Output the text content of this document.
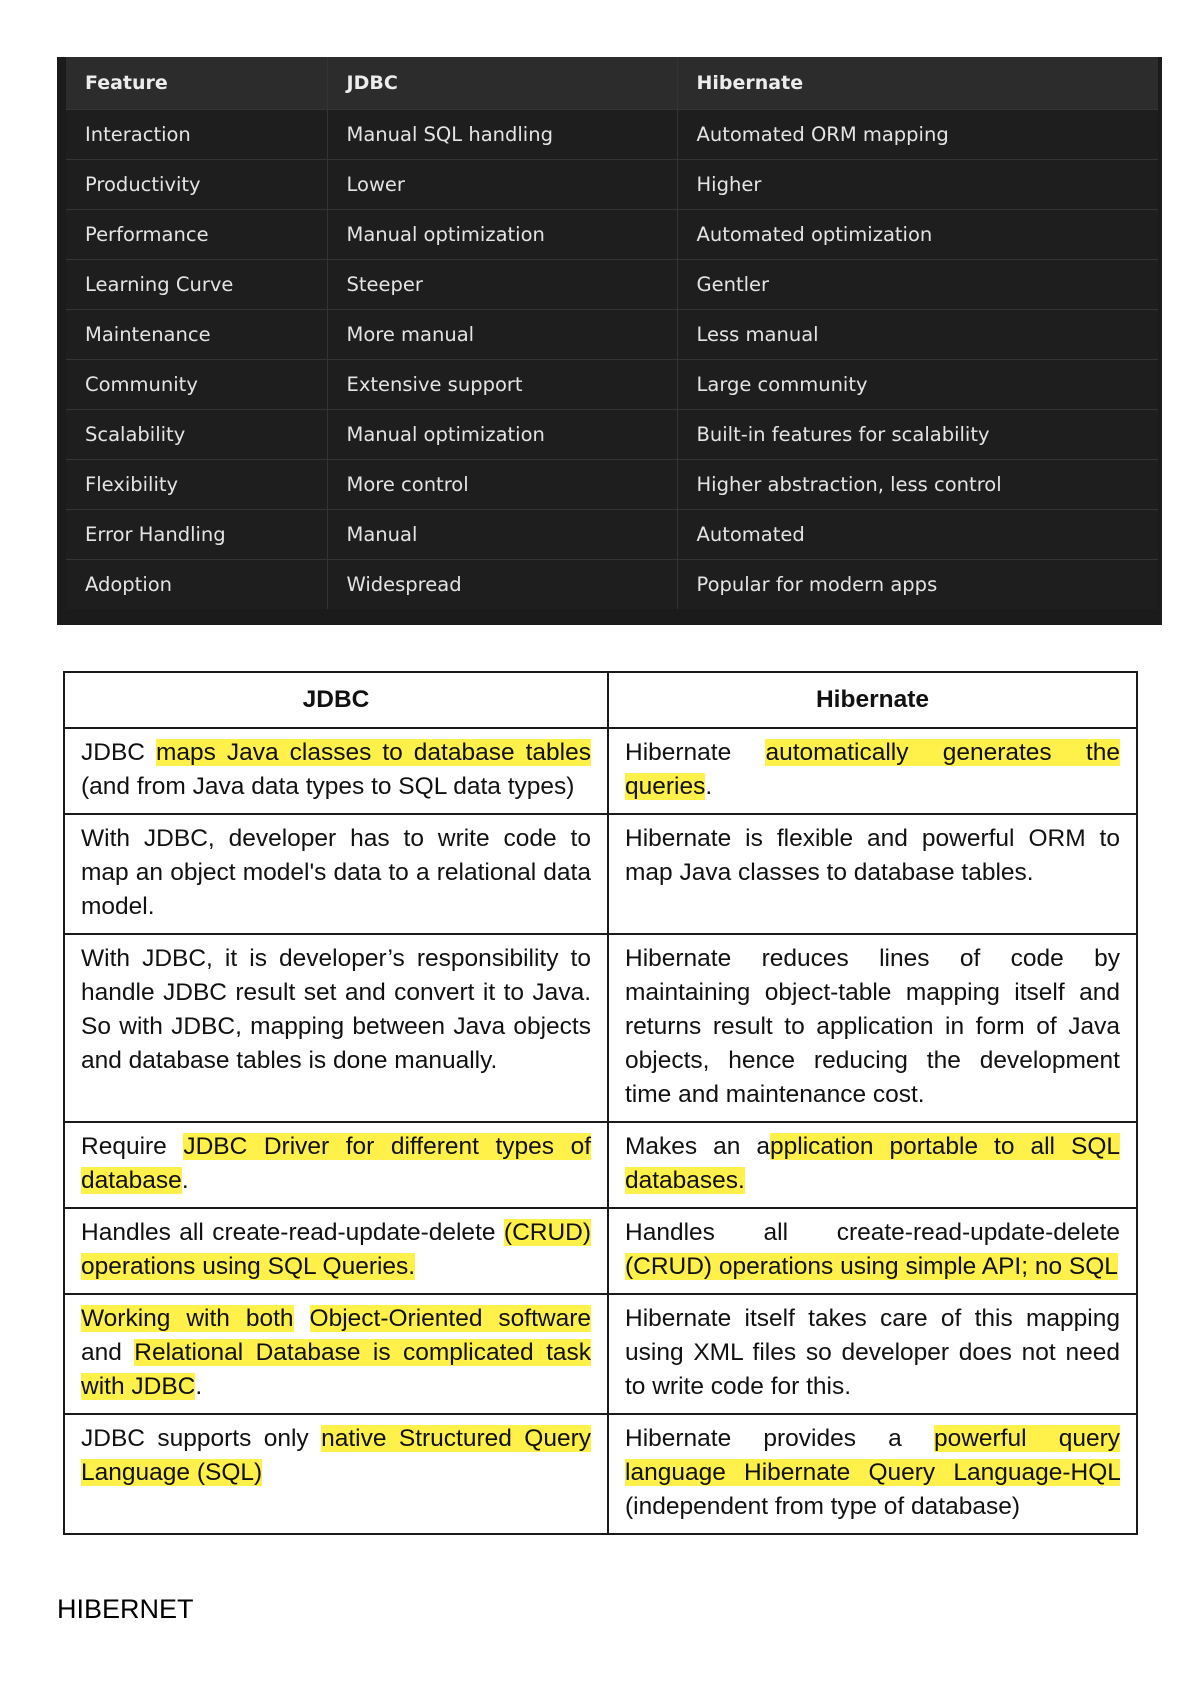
Feature	JDBC	Hibernate
Interaction	Manual SQL handling	Automated ORM mapping
Productivity	Lower	Higher
Performance	Manual optimization	Automated optimization
Learning Curve	Steeper	Gentler
Maintenance	More manual	Less manual
Community	Extensive support	Large community
Scalability	Manual optimization	Built-in features for scalability
Flexibility	More control	Higher abstraction, less control
Error Handling	Manual	Automated
Adoption	Widespread	Popular for modern apps
JDBC	Hibernate
JDBC maps Java classes to database tables (and from Java data types to SQL data types)	Hibernate automatically generates the queries.
With JDBC, developer has to write code to map an object model's data to a relational data model.	Hibernate is flexible and powerful ORM to map Java classes to database tables.
With JDBC, it is developer’s responsibility to handle JDBC result set and convert it to Java. So with JDBC, mapping between Java objects and database tables is done manually.	Hibernate reduces lines of code by maintaining object-table mapping itself and returns result to application in form of Java objects, hence reducing the development time and maintenance cost.
Require JDBC Driver for different types of database.	Makes an application portable to all SQL databases.
Handles all create-read-update-delete (CRUD) operations using SQL Queries.	Handles all create-read-update-delete (CRUD) operations using simple API; no SQL
Working with both Object-Oriented software and Relational Database is complicated task with JDBC.	Hibernate itself takes care of this mapping using XML files so developer does not need to write code for this.
JDBC supports only native Structured Query Language (SQL)	Hibernate provides a powerful query language Hibernate Query Language-HQL (independent from type of database)
HIBERNET
